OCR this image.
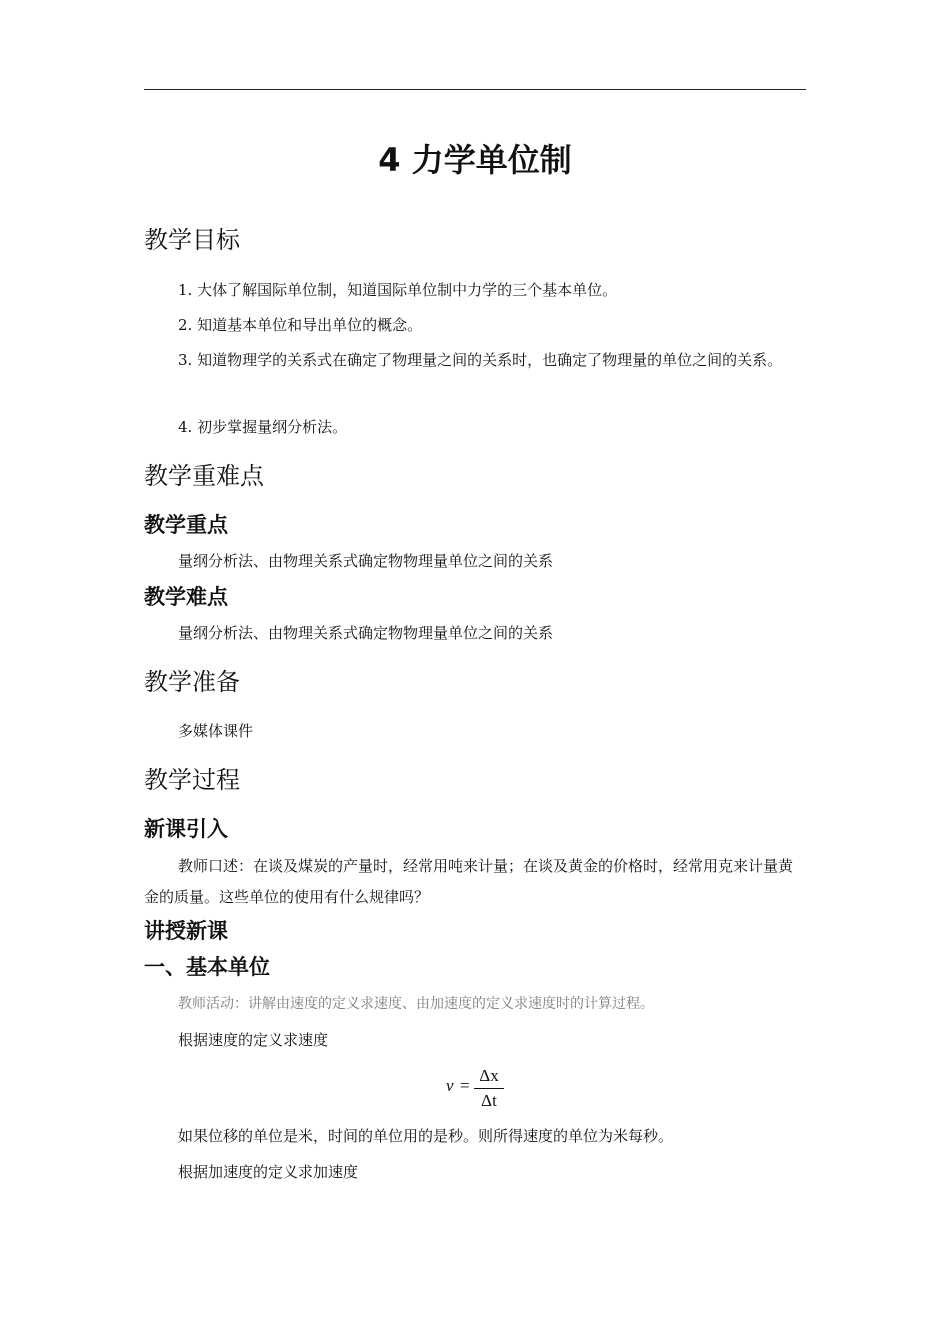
4 力学单位制
教学目标
1. 大体了解国际单位制，知道国际单位制中力学的三个基本单位。
2. 知道基本单位和导出单位的概念。
3. 知道物理学的关系式在确定了物理量之间的关系时，也确定了物理量的单位之间的关系。
4. 初步掌握量纲分析法。
教学重难点
教学重点
量纲分析法、由物理关系式确定物物理量单位之间的关系
教学难点
量纲分析法、由物理关系式确定物物理量单位之间的关系
教学准备
多媒体课件
教学过程
新课引入
教师口述：在谈及煤炭的产量时，经常用吨来计量；在谈及黄金的价格时，经常用克来计量黄金的质量。这些单位的使用有什么规律吗？
讲授新课
一、基本单位
教师活动：讲解由速度的定义求速度、由加速度的定义求速度时的计算过程。
根据速度的定义求速度
v =
Δx
Δt
如果位移的单位是米，时间的单位用的是秒。则所得速度的单位为米每秒。
根据加速度的定义求加速度
